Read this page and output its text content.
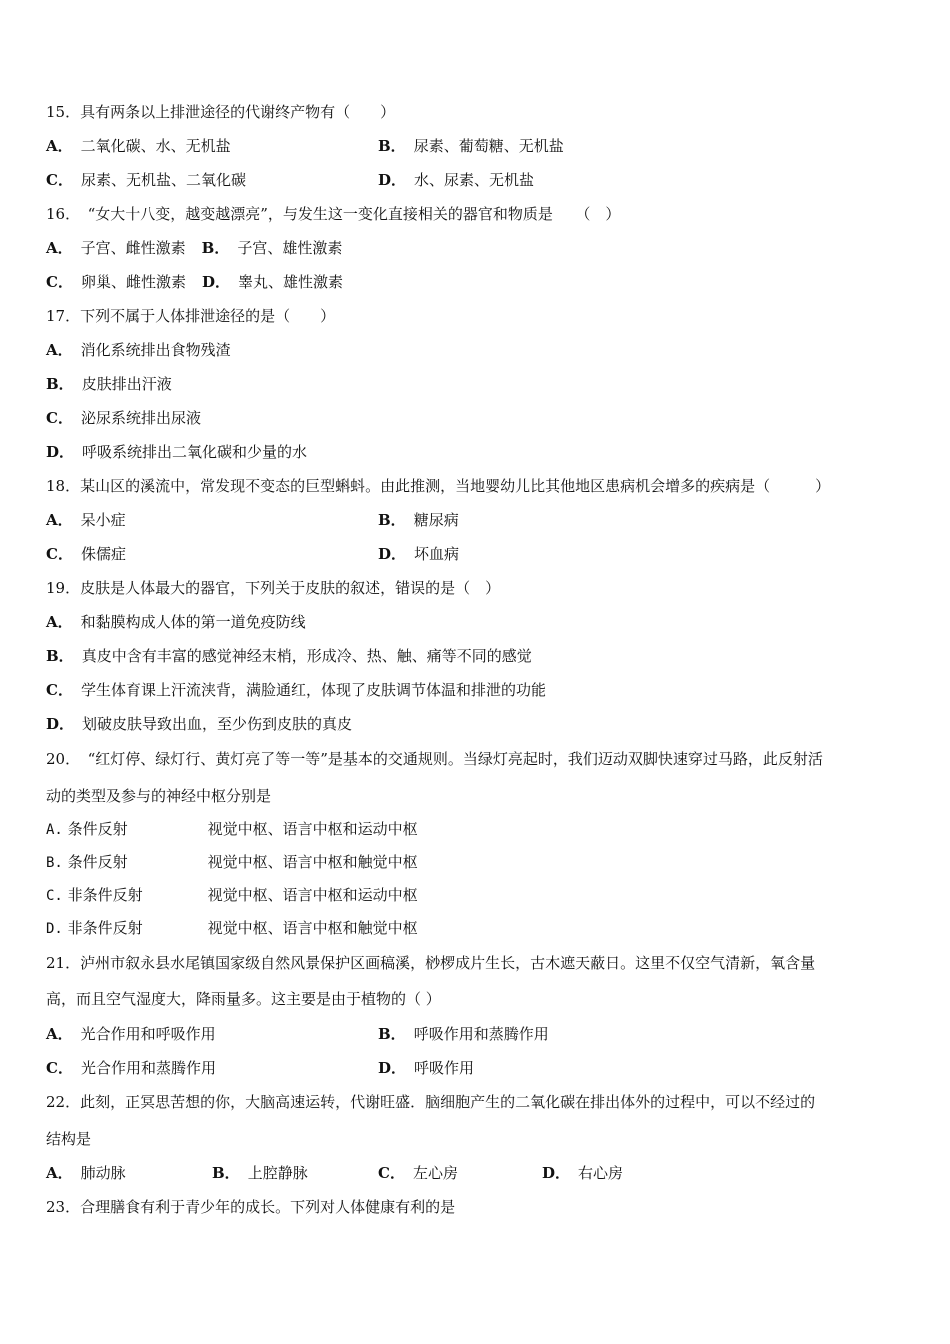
15．具有两条以上排泄途径的代谢终产物有（　　）
A． 二氧化碳、水、无机盐	B． 尿素、葡萄糖、无机盐
C． 尿素、无机盐、二氧化碳	D． 水、尿素、无机盐
16．　“女大十八变，越变越漂亮”，与发生这一变化直接相关的器官和物质是　　（　）
A． 子宫、雌性激素 B． 子宫、雄性激素
C． 卵巢、雌性激素 D． 睾丸、雄性激素
17．下列不属于人体排泄途径的是（　　）
A． 消化系统排出食物残渣
B． 皮肤排出汗液
C． 泌尿系统排出尿液
D． 呼吸系统排出二氧化碳和少量的水
18．某山区的溪流中，常发现不变态的巨型蝌蚪。由此推测，当地婴幼儿比其他地区患病机会增多的疾病是（　　　）
A． 呆小症	B． 糖尿病
C． 侏儒症	D． 坏血病
19．皮肤是人体最大的器官，下列关于皮肤的叙述，错误的是（　）
A． 和黏膜构成人体的第一道免疫防线
B． 真皮中含有丰富的感觉神经末梢，形成冷、热、触、痛等不同的感觉
C． 学生体育课上汗流浃背，满脸通红，体现了皮肤调节体温和排泄的功能
D． 划破皮肤导致出血，至少伤到皮肤的真皮
20．　“红灯停、绿灯行、黄灯亮了等一等”是基本的交通规则。当绿灯亮起时，我们迈动双脚快速穿过马路，此反射活
动的类型及参与的神经中枢分别是
A. 条件反射	视觉中枢、语言中枢和运动中枢
B. 条件反射	视觉中枢、语言中枢和触觉中枢
C. 非条件反射	视觉中枢、语言中枢和运动中枢
D. 非条件反射	视觉中枢、语言中枢和触觉中枢
21．泸州市叙永县水尾镇国家级自然风景保护区画稿溪，桫椤成片生长，古木遮天蔽日。这里不仅空气清新，氧含量
高，而且空气湿度大，降雨量多。这主要是由于植物的（ ）
A． 光合作用和呼吸作用	B． 呼吸作用和蒸腾作用
C． 光合作用和蒸腾作用	D． 呼吸作用
22．此刻，正冥思苦想的你，大脑高速运转，代谢旺盛．脑细胞产生的二氧化碳在排出体外的过程中，可以不经过的
结构是
A． 肺动脉	B． 上腔静脉	C． 左心房	D． 右心房
23．合理膳食有利于青少年的成长。下列对人体健康有利的是
